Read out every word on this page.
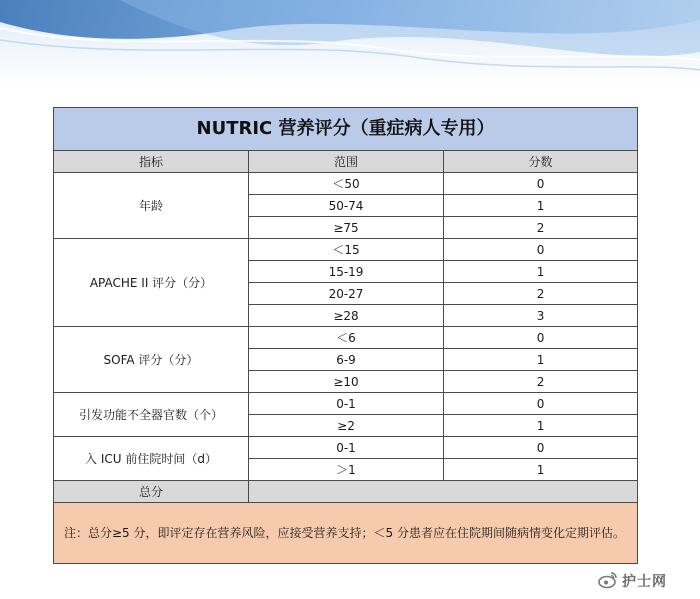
NUTRIC 营养评分（重症病人专用）		
指标	范围	分数
年龄	＜50	0
	50-74	1
	≥75	2
APACHE II 评分（分）	＜15	0
	15-19	1
	20-27	2
	≥28	3
SOFA 评分（分）	＜6	0
	6-9	1
	≥10	2
引发功能不全器官数（个）	0-1	0
	≥2	1
入 ICU 前住院时间（d）	0-1	0
	＞1	1
总分		
注：总分≥5 分，即评定存在营养风险，应接受营养支持；＜5 分患者应在住院期间随病情变化定期评估。		
护士网
